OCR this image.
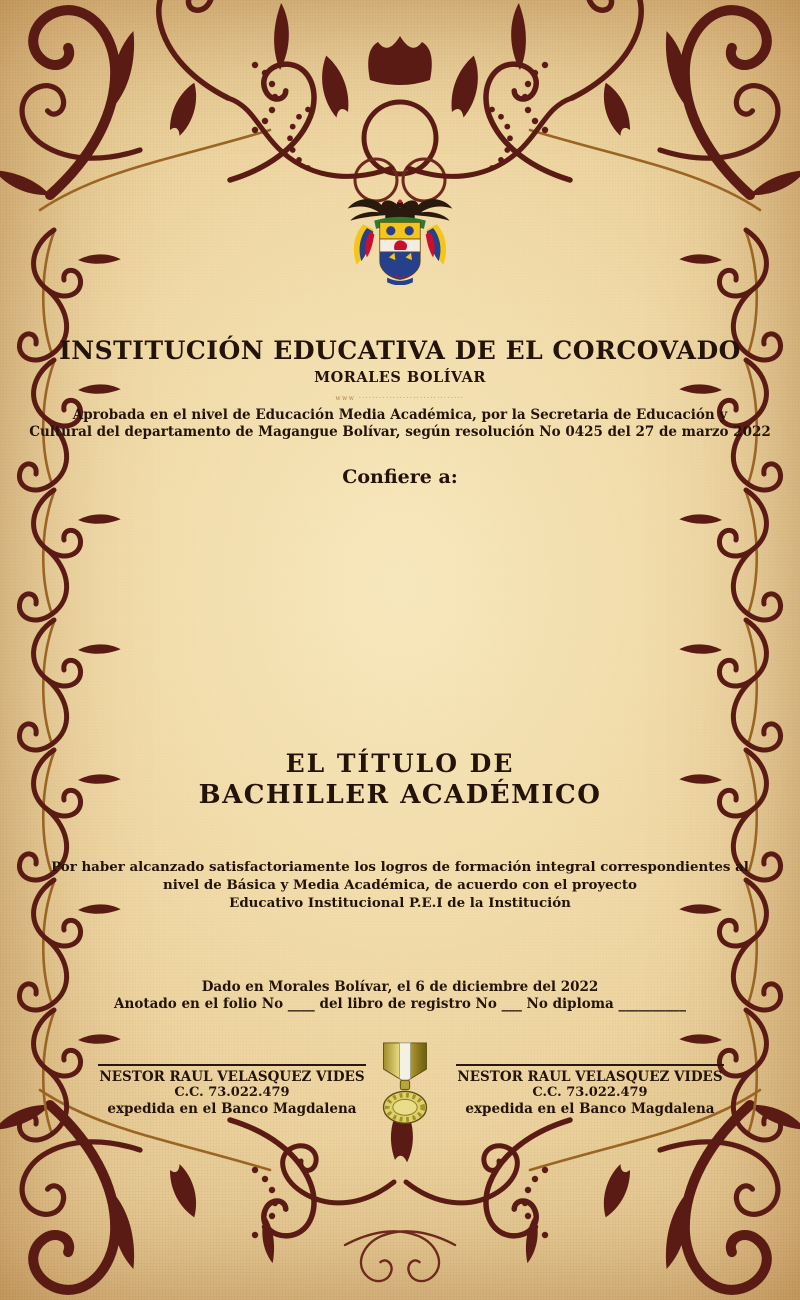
INSTITUCIÓN EDUCATIVA DE EL CORCOVADO
MORALES BOLÍVAR
www ·······························
Aprobada en el nivel de Educación Media Académica, por la Secretaria de Educación y
Cultural del departamento de Magangue Bolívar, según resolución No 0425 del 27 de marzo 2022
Confiere a:
EL TÍTULO DE
BACHILLER ACADÉMICO
Por haber alcanzado satisfactoriamente los logros de formación integral correspondientes al
nivel de Básica y Media Académica, de acuerdo con el proyecto
Educativo Institucional P.E.I de la Institución
Dado en Morales Bolívar, el 6 de diciembre del 2022
Anotado en el folio No ____ del libro de registro No ___ No diploma __________
NESTOR RAUL VELASQUEZ VIDES
C.C. 73.022.479
expedida en el Banco Magdalena
NESTOR RAUL VELASQUEZ VIDES
C.C. 73.022.479
expedida en el Banco Magdalena
